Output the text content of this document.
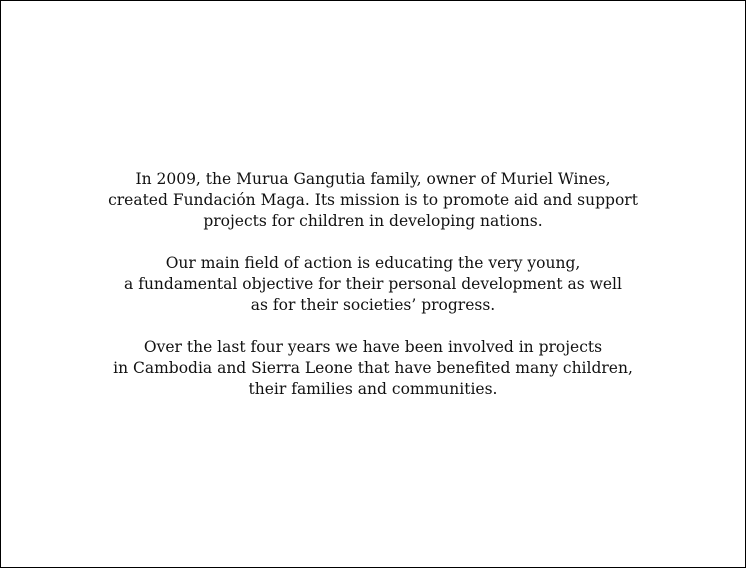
In 2009, the Murua Gangutia family, owner of Muriel Wines,
created Fundación Maga. Its mission is to promote aid and support
projects for children in developing nations.

Our main field of action is educating the very young,
a fundamental objective for their personal development as well
as for their societies’ progress.

Over the last four years we have been involved in projects
in Cambodia and Sierra Leone that have benefited many children,
their families and communities.
